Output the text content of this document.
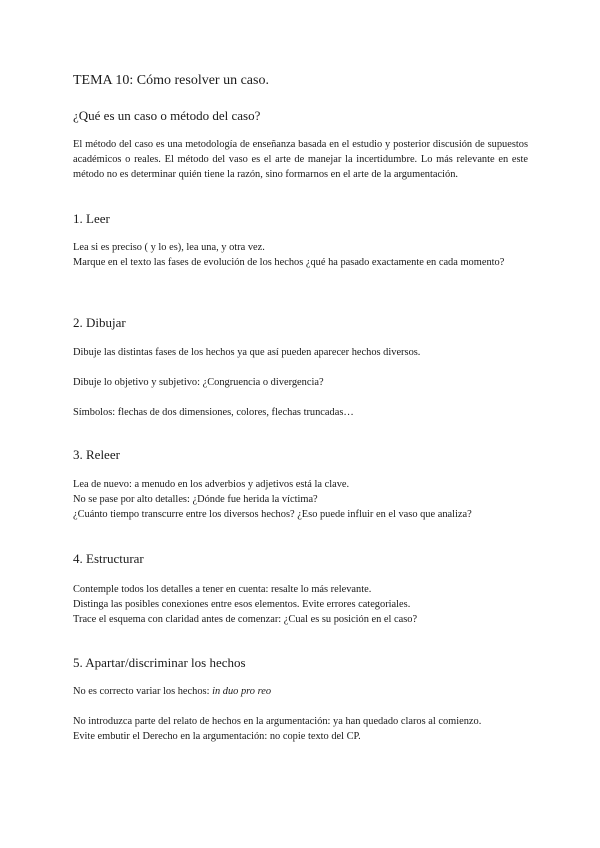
TEMA 10: Cómo resolver un caso.
¿Qué es un caso o método del caso?

El método del caso es una metodología de enseñanza basada en el estudio y posterior discusión de supuestos académicos o reales. El método del vaso es el arte de manejar la incertidumbre. Lo más relevante en este método no es determinar quién tiene la razón, sino formarnos en el arte de la argumentación.

1. Leer
Lea si es preciso ( y lo es), lea una, y otra vez.
Marque en el texto las fases de evolución de los hechos ¿qué ha pasado exactamente en cada momento?
2. Dibujar
Dibuje las distintas fases de los hechos ya que así pueden aparecer hechos diversos.
Dibuje lo objetivo y subjetivo: ¿Congruencia o divergencia?
Símbolos: flechas de dos dimensiones, colores, flechas truncadas…
3. Releer
Lea de nuevo: a menudo en los adverbios y adjetivos está la clave.
No se pase por alto detalles: ¿Dónde fue herida la víctima?
¿Cuánto tiempo transcurre entre los diversos hechos? ¿Eso puede influir en el vaso que analiza?
4. Estructurar
Contemple todos los detalles a tener en cuenta: resalte lo más relevante.
Distinga las posibles conexiones entre esos elementos. Evite errores categoriales.
Trace el esquema con claridad antes de comenzar: ¿Cual es su posición en el caso?
5. Apartar/discriminar los hechos
No es correcto variar los hechos: in duo pro reo
No introduzca parte del relato de hechos en la argumentación: ya han quedado claros al comienzo.
Evite embutir el Derecho en la argumentación: no copie texto del CP.
